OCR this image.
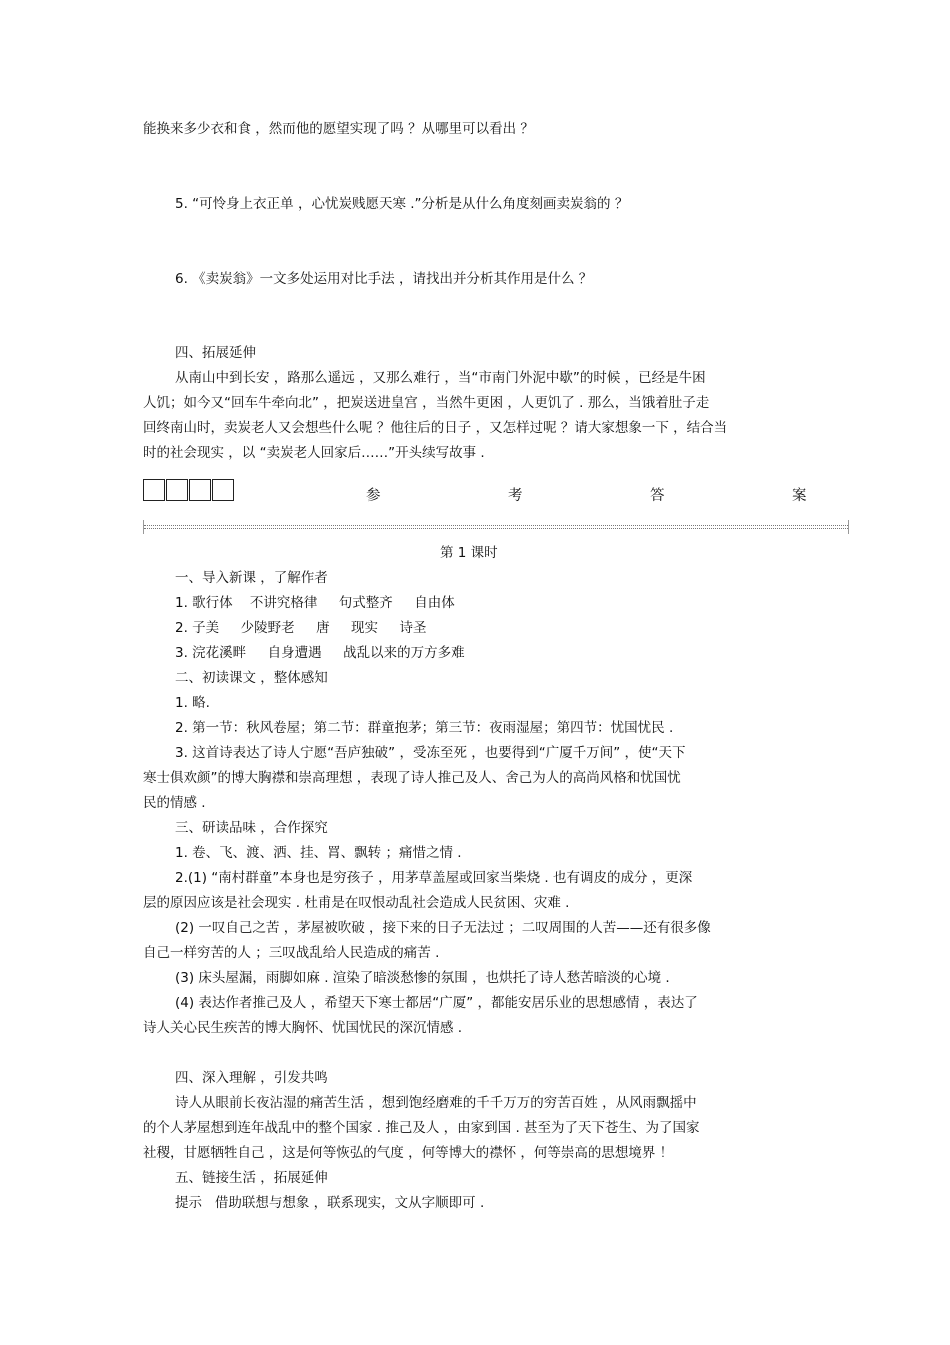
能换来多少衣和食 ，然而他的愿望实现了吗 ？从哪里可以看出 ？
5. “可怜身上衣正单 ，心忧炭贱愿天寒 .”分析是从什么角度刻画卖炭翁的 ？
6. 《卖炭翁》一文多处运用对比手法 ，请找出并分析其作用是什么 ？
四、拓展延伸
从南山中到长安 ，路那么遥远 ，又那么难行 ，当“市南门外泥中歇”的时候 ，已经是牛困
人饥；如今又“回车牛牵向北” ，把炭送进皇宫 ，当然牛更困 ，人更饥了 . 那么，当饿着肚子走
回终南山时，卖炭老人又会想些什么呢 ？他往后的日子 ，又怎样过呢 ？请大家想象一下 ，结合当
时的社会现实 ，以 “卖炭老人回家后……”开头续写故事 .
参	考	答	案
第 1 课时
一、导入新课 ，了解作者
1. 歌行体    不讲究格律     句式整齐     自由体
2. 子美     少陵野老     唐     现实     诗圣
3. 浣花溪畔     自身遭遇     战乱以来的万方多难
二、初读课文 ，整体感知
1. 略.
2. 第一节：秋风卷屋；第二节：群童抱茅；第三节：夜雨湿屋；第四节：忧国忧民 .
3. 这首诗表达了诗人宁愿“吾庐独破” ，受冻至死 ，也要得到“广厦千万间” ，使“天下
寒士俱欢颜”的博大胸襟和崇高理想 ，表现了诗人推己及人、舍己为人的高尚风格和忧国忧
民的情感 .
三、研读品味 ，合作探究
1. 卷、飞、渡、洒、挂、罥、飘转 ；痛惜之情 .
2.(1) “南村群童”本身也是穷孩子 ，用茅草盖屋或回家当柴烧 . 也有调皮的成分 ，更深
层的原因应该是社会现实 . 杜甫是在叹恨动乱社会造成人民贫困、灾难 .
(2) 一叹自己之苦 ，茅屋被吹破 ，接下来的日子无法过 ；二叹周围的人苦——还有很多像
自己一样穷苦的人 ；三叹战乱给人民造成的痛苦 .
(3) 床头屋漏，雨脚如麻 . 渲染了暗淡愁惨的氛围 ，也烘托了诗人愁苦暗淡的心境 .
(4) 表达作者推己及人 ，希望天下寒士都居“广厦” ，都能安居乐业的思想感情 ，表达了
诗人关心民生疾苦的博大胸怀、忧国忧民的深沉情感 .
四、深入理解 ，引发共鸣
诗人从眼前长夜沾湿的痛苦生活 ，想到饱经磨难的千千万万的穷苦百姓 ，从风雨飘摇中
的个人茅屋想到连年战乱中的整个国家 . 推己及人 ，由家到国 . 甚至为了天下苍生、为了国家
社稷，甘愿牺牲自己 ，这是何等恢弘的气度 ，何等博大的襟怀 ，何等崇高的思想境界 ！
五、链接生活 ，拓展延伸
提示   借助联想与想象 ，联系现实，文从字顺即可 .
